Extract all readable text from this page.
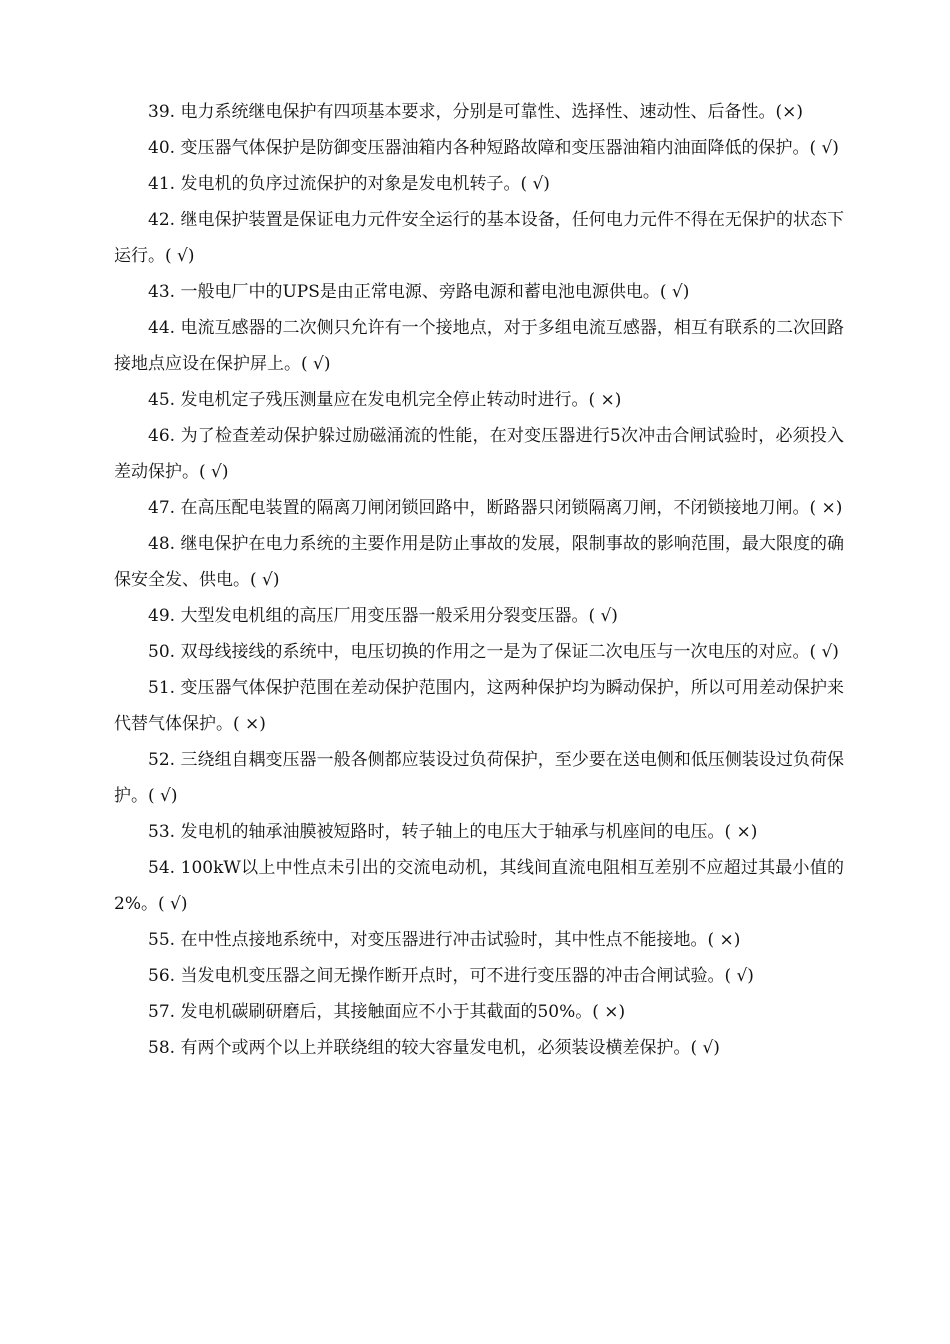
39. 电力系统继电保护有四项基本要求，分别是可靠性、选择性、速动性、后备性。(×)

40. 变压器气体保护是防御变压器油箱内各种短路故障和变压器油箱内油面降低的保护。( √)

41. 发电机的负序过流保护的对象是发电机转子。( √)

42. 继电保护装置是保证电力元件安全运行的基本设备，任何电力元件不得在无保护的状态下运行。( √)

43. 一般电厂中的UPS是由正常电源、旁路电源和蓄电池电源供电。( √)

44. 电流互感器的二次侧只允许有一个接地点，对于多组电流互感器，相互有联系的二次回路接地点应设在保护屏上。( √)

45. 发电机定子残压测量应在发电机完全停止转动时进行。( ×)

46. 为了检查差动保护躲过励磁涌流的性能，在对变压器进行5次冲击合闸试验时，必须投入差动保护。( √)

47. 在高压配电装置的隔离刀闸闭锁回路中，断路器只闭锁隔离刀闸，不闭锁接地刀闸。( ×)

48. 继电保护在电力系统的主要作用是防止事故的发展，限制事故的影响范围，最大限度的确保安全发、供电。( √)

49. 大型发电机组的高压厂用变压器一般采用分裂变压器。( √)

50. 双母线接线的系统中，电压切换的作用之一是为了保证二次电压与一次电压的对应。( √)

51. 变压器气体保护范围在差动保护范围内，这两种保护均为瞬动保护，所以可用差动保护来代替气体保护。( ×)

52. 三绕组自耦变压器一般各侧都应装设过负荷保护，至少要在送电侧和低压侧装设过负荷保护。( √)

53. 发电机的轴承油膜被短路时，转子轴上的电压大于轴承与机座间的电压。( ×)

54. 100kW以上中性点未引出的交流电动机，其线间直流电阻相互差别不应超过其最小值的2%。( √)

55. 在中性点接地系统中，对变压器进行冲击试验时，其中性点不能接地。( ×)

56. 当发电机变压器之间无操作断开点时，可不进行变压器的冲击合闸试验。( √)

57. 发电机碳刷研磨后，其接触面应不小于其截面的50%。( ×)

58. 有两个或两个以上并联绕组的较大容量发电机，必须装设横差保护。( √)
